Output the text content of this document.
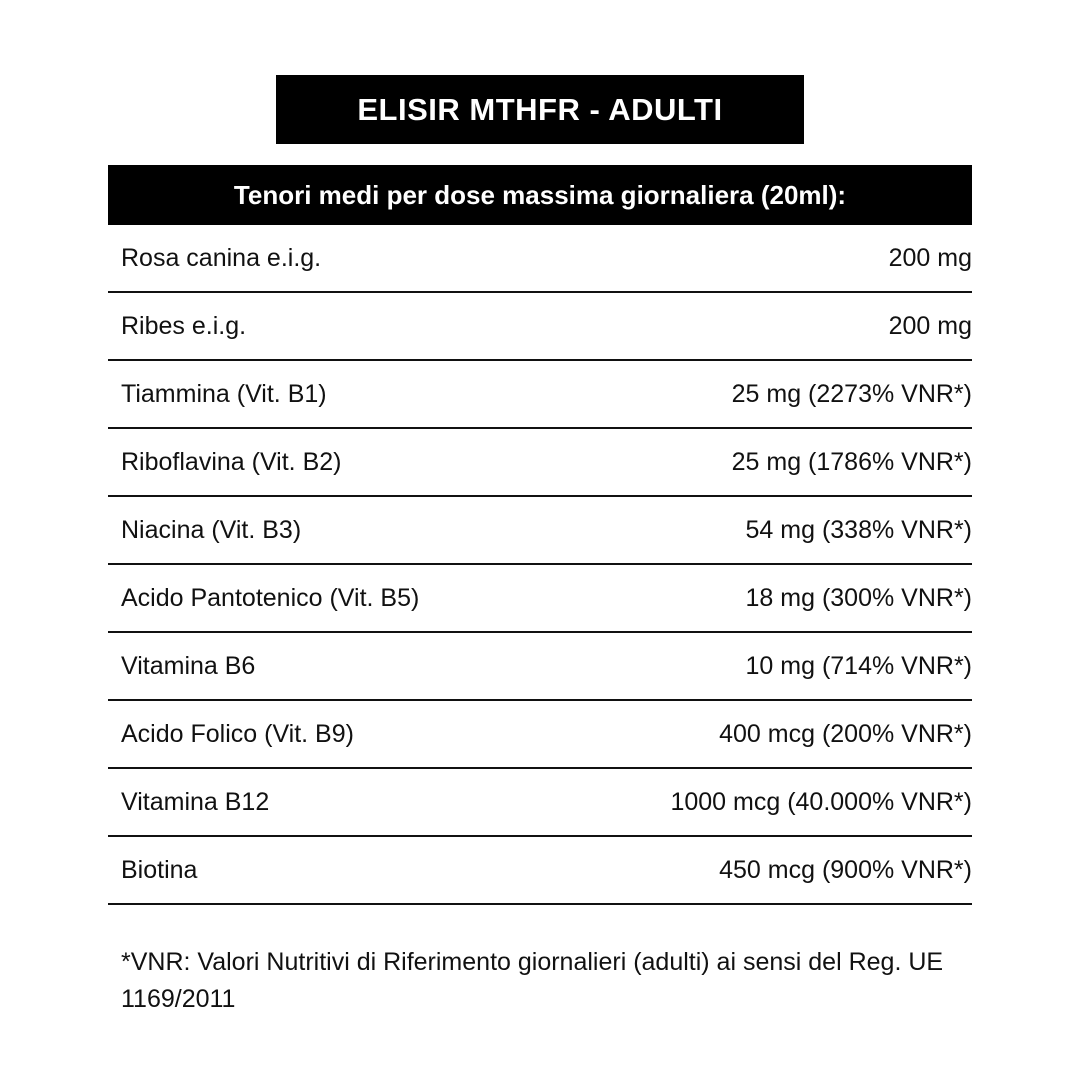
ELISIR MTHFR - ADULTI
Tenori medi per dose massima giornaliera (20ml):
Rosa canina e.i.g.	200 mg
Ribes e.i.g.	200 mg
Tiammina (Vit. B1)	25 mg (2273% VNR*)
Riboflavina (Vit. B2)	25 mg (1786% VNR*)
Niacina (Vit. B3)	54 mg (338% VNR*)
Acido Pantotenico (Vit. B5)	18 mg (300% VNR*)
Vitamina B6	10 mg (714% VNR*)
Acido Folico (Vit. B9)	400 mcg (200% VNR*)
Vitamina B12	1000 mcg (40.000% VNR*)
Biotina	450 mcg (900% VNR*)
*VNR: Valori Nutritivi di Riferimento giornalieri (adulti) ai sensi del Reg. UE 1169/2011
